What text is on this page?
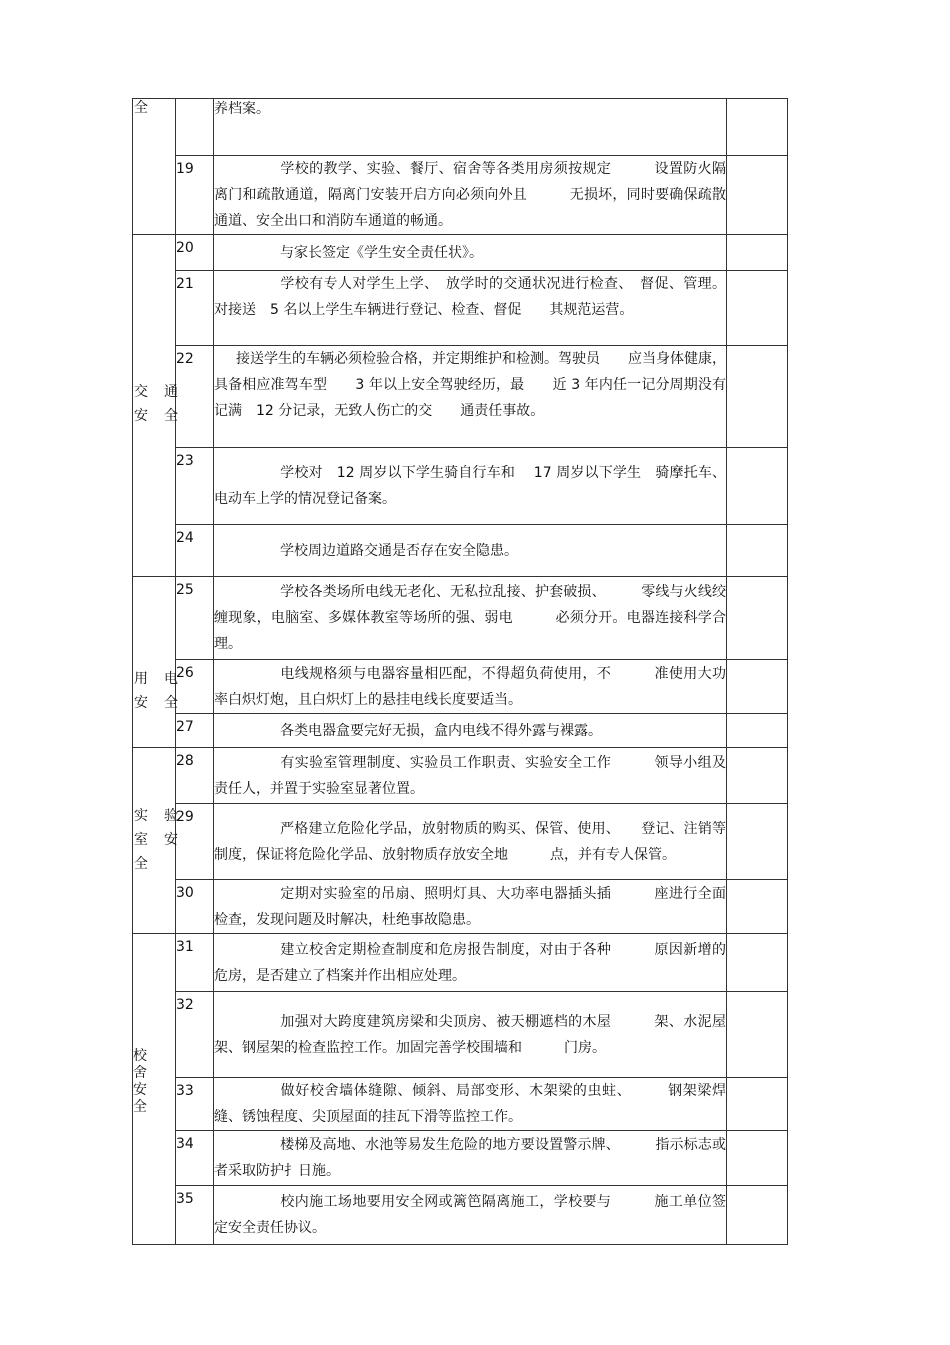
全		养档案。	
	19	学校的教学、实验、餐厅、宿舍等各类用房须按规定　　　设置防火隔离门和疏散通道，隔离门安装开启方向必须向外且　　　无损坏，同时要确保疏散通道、安全出口和消防车通道的畅通。	

交　通
安　全	20	与家长签定《学生安全责任状》。	
	21	学校有专人对学生上学、　放学时的交通状况进行检查、　督促、管理。对接送　5 名以上学生车辆进行登记、检查、督促　　其规范运营。	
	22	接送学生的车辆必须检验合格，并定期维护和检测。驾驶员　　应当身体健康，具备相应准驾车型　　3 年以上安全驾驶经历，最　　近 3 年内任一记分周期没有记满　12 分记录，无致人伤亡的交　　通责任事故。	
	23	学校对　12 周岁以下学生骑自行车和　 17 周岁以下学生　骑摩托车、电动车上学的情况登记备案。	
	24	学校周边道路交通是否存在安全隐患。	

用　电
安　全	25	学校各类场所电线无老化、无私拉乱接、护套破损、　　　零线与火线绞缠现象，电脑室、多媒体教室等场所的强、弱电　　　必须分开。电器连接科学合理。	
	26	电线规格须与电器容量相匹配，不得超负荷使用，不　　　准使用大功率白炽灯炮，且白炽灯上的悬挂电线长度要适当。	
	27	各类电器盒要完好无损，盒内电线不得外露与裸露。	

实　验
室　安
全	28	有实验室管理制度、实验员工作职责、实验安全工作　　　领导小组及责任人，并置于实验室显著位置。	
	29	严格建立危险化学品，放射物质的购买、保管、使用、　　登记、注销等制度，保证将危险化学品、放射物质存放安全地　　　点，并有专人保管。	
	30	定期对实验室的吊扇、照明灯具、大功率电器插头插　　　座进行全面检查，发现问题及时解决，杜绝事故隐患。	

校舍安全	31	建立校舍定期检查制度和危房报告制度，对由于各种　　　原因新增的危房，是否建立了档案并作出相应处理。	
	32	加强对大跨度建筑房梁和尖顶房、被天棚遮档的木屋　　　架、水泥屋架、钢屋架的检查监控工作。加固完善学校围墙和　　　门房。	
	33	做好校舍墙体缝隙、倾斜、局部变形、木架梁的虫蛀、　　　钢架梁焊缝、锈蚀程度、尖顶屋面的挂瓦下滑等监控工作。	
	34	楼梯及高地、水池等易发生危险的地方要设置警示牌、　　　指示标志或者采取防护扌日施。	
	35	校内施工场地要用安全网或篱笆隔离施工，学校要与　　　施工单位签定安全责任协议。	
